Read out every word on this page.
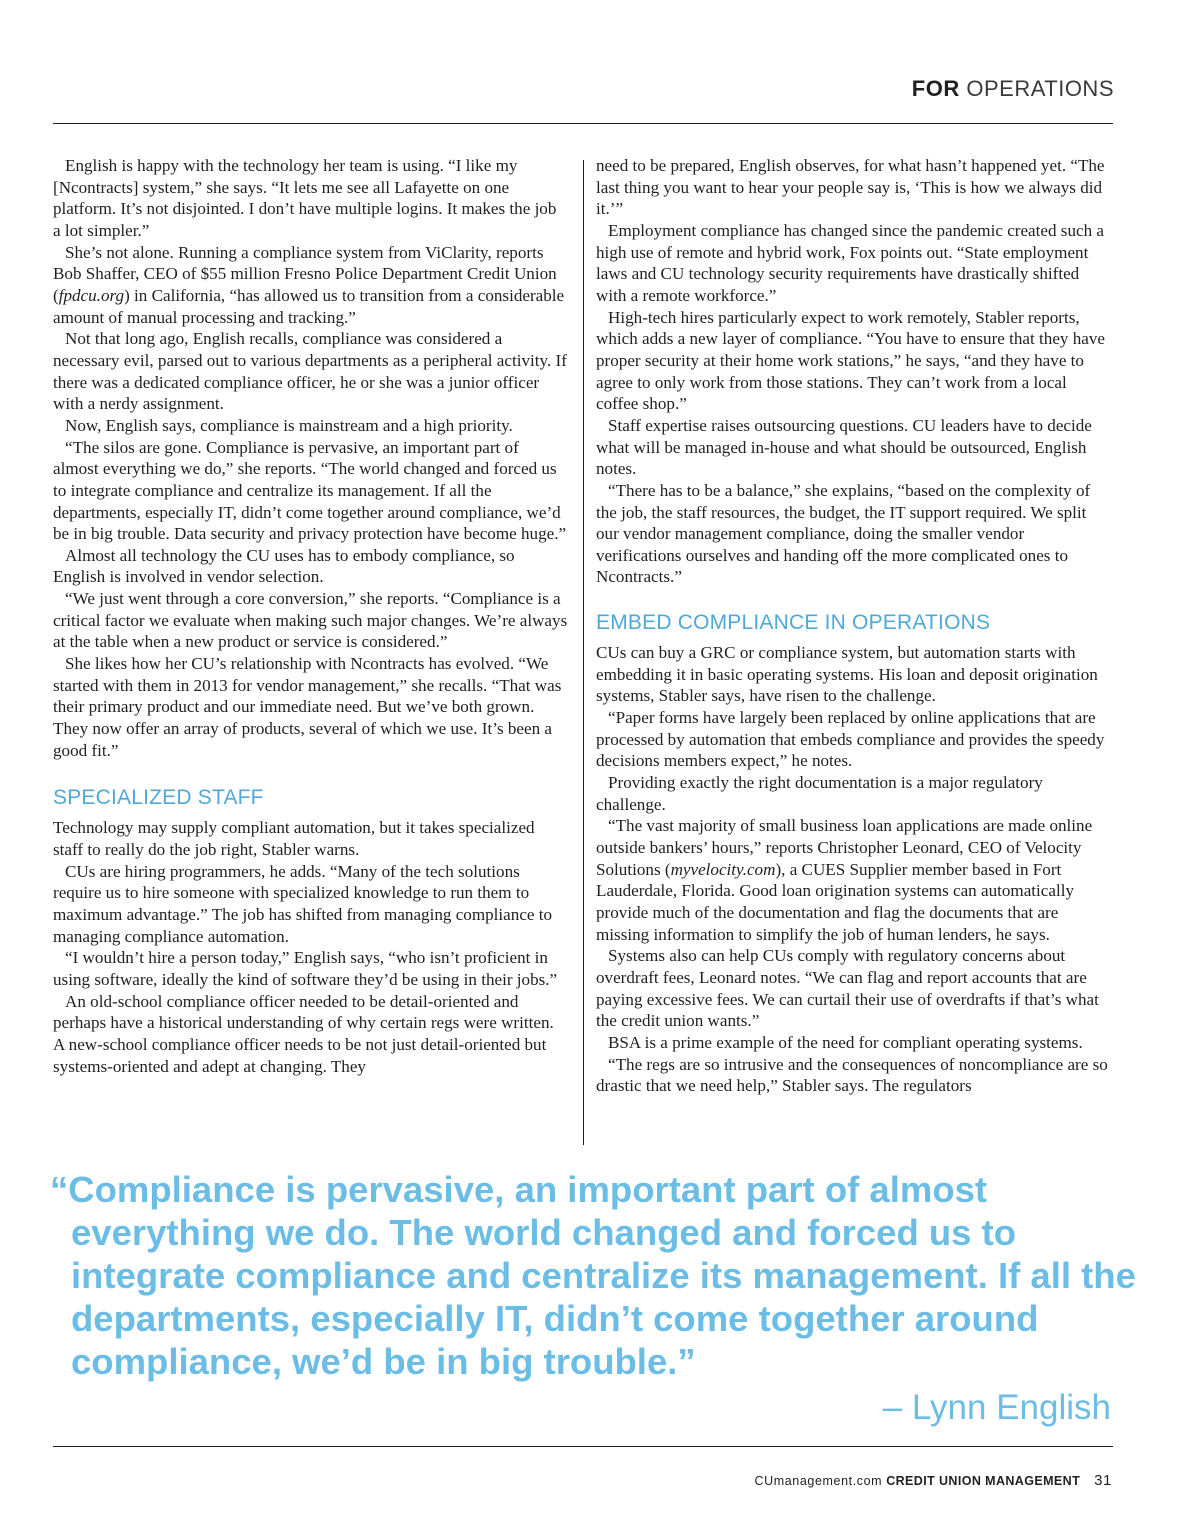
FOR OPERATIONS

English is happy with the technology her team is using. “I like my [Ncontracts] system,” she says. “It lets me see all Lafayette on one platform. It’s not disjointed. I don’t have multiple logins. It makes the job a lot simpler.”

She’s not alone. Running a compliance system from ViClarity, reports Bob Shaffer, CEO of $55 million Fresno Police Department Credit Union (fpdcu.org) in California, “has allowed us to transition from a considerable amount of manual processing and tracking.”

Not that long ago, English recalls, compliance was considered a necessary evil, parsed out to various departments as a peripheral activity. If there was a dedicated compliance officer, he or she was a junior officer with a nerdy assignment.

Now, English says, compliance is mainstream and a high priority.

“The silos are gone. Compliance is pervasive, an important part of almost everything we do,” she reports. “The world changed and forced us to integrate compliance and centralize its management. If all the departments, especially IT, didn’t come together around compliance, we’d be in big trouble. Data security and privacy protection have become huge.”

Almost all technology the CU uses has to embody compliance, so English is involved in vendor selection.

“We just went through a core conversion,” she reports. “Compliance is a critical factor we evaluate when making such major changes. We’re always at the table when a new product or service is considered.”

She likes how her CU’s relationship with Ncontracts has evolved. “We started with them in 2013 for vendor management,” she recalls. “That was their primary product and our immediate need. But we’ve both grown. They now offer an array of products, several of which we use. It’s been a good fit.”

SPECIALIZED STAFF

Technology may supply compliant automation, but it takes specialized staff to really do the job right, Stabler warns.

CUs are hiring programmers, he adds. “Many of the tech solutions require us to hire someone with specialized knowledge to run them to maximum advantage.” The job has shifted from managing compliance to managing compliance automation.

“I wouldn’t hire a person today,” English says, “who isn’t proficient in using software, ideally the kind of software they’d be using in their jobs.”

An old-school compliance officer needed to be detail-oriented and perhaps have a historical understanding of why certain regs were written. A new-school compliance officer needs to be not just detail-oriented but systems-oriented and adept at changing. They

need to be prepared, English observes, for what hasn’t happened yet. “The last thing you want to hear your people say is, ‘This is how we always did it.’”

Employment compliance has changed since the pandemic created such a high use of remote and hybrid work, Fox points out. “State employment laws and CU technology security requirements have drastically shifted with a remote workforce.”

High-tech hires particularly expect to work remotely, Stabler reports, which adds a new layer of compliance. “You have to ensure that they have proper security at their home work stations,” he says, “and they have to agree to only work from those stations. They can’t work from a local coffee shop.”

Staff expertise raises outsourcing questions. CU leaders have to decide what will be managed in-house and what should be outsourced, English notes.

“There has to be a balance,” she explains, “based on the complexity of the job, the staff resources, the budget, the IT support required. We split our vendor management compliance, doing the smaller vendor verifications ourselves and handing off the more complicated ones to Ncontracts.”

EMBED COMPLIANCE IN OPERATIONS

CUs can buy a GRC or compliance system, but automation starts with embedding it in basic operating systems. His loan and deposit origination systems, Stabler says, have risen to the challenge.

“Paper forms have largely been replaced by online applications that are processed by automation that embeds compliance and provides the speedy decisions members expect,” he notes.

Providing exactly the right documentation is a major regulatory challenge.

“The vast majority of small business loan applications are made online outside bankers’ hours,” reports Christopher Leonard, CEO of Velocity Solutions (myvelocity.com), a CUES Supplier member based in Fort Lauderdale, Florida. Good loan origination systems can automatically provide much of the documentation and flag the documents that are missing information to simplify the job of human lenders, he says.

Systems also can help CUs comply with regulatory concerns about overdraft fees, Leonard notes. “We can flag and report accounts that are paying excessive fees. We can curtail their use of overdrafts if that’s what the credit union wants.”

BSA is a prime example of the need for compliant operating systems.

“The regs are so intrusive and the consequences of noncompliance are so drastic that we need help,” Stabler says. The regulators

“Compliance is pervasive, an important part of almost everything we do. The world changed and forced us to integrate compliance and centralize its management. If all the departments, especially IT, didn’t come together around compliance, we’d be in big trouble.”
– Lynn English
CUmanagement.com CREDIT UNION MANAGEMENT 31
